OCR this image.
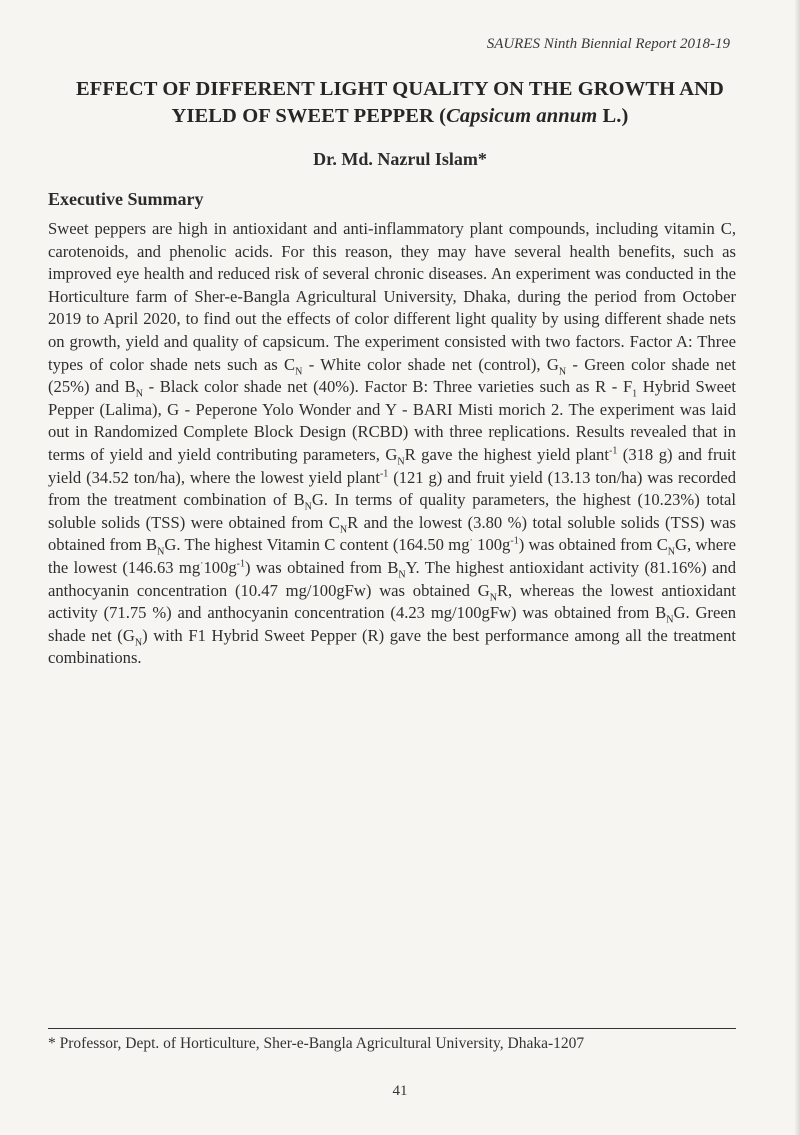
SAURES Ninth Biennial Report 2018-19
EFFECT OF DIFFERENT LIGHT QUALITY ON THE GROWTH AND
YIELD OF SWEET PEPPER (Capsicum annum L.)
Dr. Md. Nazrul Islam*
Executive Summary

Sweet peppers are high in antioxidant and anti-inflammatory plant compounds, including vitamin C, carotenoids, and phenolic acids. For this reason, they may have several health benefits, such as improved eye health and reduced risk of several chronic diseases. An experiment was conducted in the Horticulture farm of Sher-e-Bangla Agricultural University, Dhaka, during the period from October 2019 to April 2020, to find out the effects of color different light quality by using different shade nets on growth, yield and quality of capsicum. The experiment consisted with two factors. Factor A: Three types of color shade nets such as $C_N$ - White color shade net (control), $G_N$ - Green color shade net (25%) and $B_N$ - Black color shade net (40%). Factor B: Three varieties such as R - $F_1$ Hybrid Sweet Pepper (Lalima), G - Peperone Yolo Wonder and Y - BARI Misti morich 2. The experiment was laid out in Randomized Complete Block Design (RCBD) with three replications. Results revealed that in terms of yield and yield contributing parameters, $G_NR$ gave the highest yield plant$^{-1}$ (318 g) and fruit yield (34.52 ton/ha), where the lowest yield plant$^{-1}$ (121 g) and fruit yield (13.13 ton/ha) was recorded from the treatment combination of $B_NG$. In terms of quality parameters, the highest (10.23%) total soluble solids (TSS) were obtained from $C_NR$ and the lowest (3.80 %) total soluble solids (TSS) was obtained from $B_NG$. The highest Vitamin C content (164.50 mg· $100g^{-1}$) was obtained from $C_NG$, where the lowest (146.63 $mg^\cdot 100g^{-1}$) was obtained from $B_NY$. The highest antioxidant activity (81.16%) and anthocyanin concentration (10.47 mg/100gFw) was obtained $G_NR$, whereas the lowest antioxidant activity (71.75 %) and anthocyanin concentration (4.23 mg/100gFw) was obtained from $B_NG$. Green shade net $(G_N)$ with F1 Hybrid Sweet Pepper (R) gave the best performance among all the treatment combinations.

* Professor, Dept. of Horticulture, Sher-e-Bangla Agricultural University, Dhaka-1207
41
